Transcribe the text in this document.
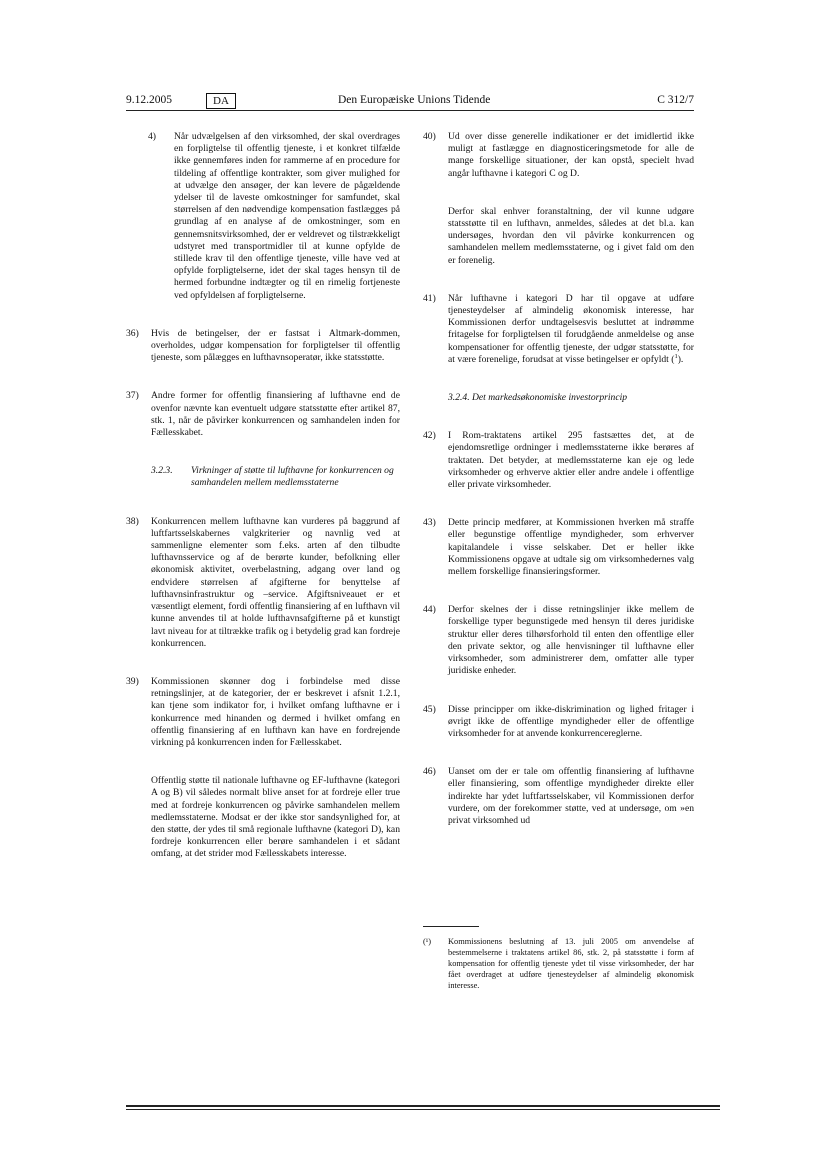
9.12.2005	DA	Den Europæiske Unions Tidende	C 312/7
4) Når udvælgelsen af den virksomhed, der skal overdrages en forpligtelse til offentlig tjeneste, i et konkret tilfælde ikke gennemføres inden for rammerne af en procedure for tildeling af offentlige kontrakter, som giver mulighed for at udvælge den ansøger, der kan levere de pågældende ydelser til de laveste omkostninger for samfundet, skal størrelsen af den nødvendige kompensation fastlægges på grundlag af en analyse af de omkostninger, som en gennemsnitsvirksomhed, der er veldrevet og tilstrækkeligt udstyret med transportmidler til at kunne opfylde de stillede krav til den offentlige tjeneste, ville have ved at opfylde forpligtelserne, idet der skal tages hensyn til de hermed forbundne indtægter og til en rimelig fortjeneste ved opfyldelsen af forpligtelserne.
36) Hvis de betingelser, der er fastsat i Altmark-dommen, overholdes, udgør kompensation for forpligtelser til offentlig tjeneste, som pålægges en lufthavnsoperatør, ikke statsstøtte.
37) Andre former for offentlig finansiering af lufthavne end de ovenfor nævnte kan eventuelt udgøre statsstøtte efter artikel 87, stk. 1, når de påvirker konkurrencen og samhandelen inden for Fællesskabet.
3.2.3.	Virkninger af støtte til lufthavne for konkurrencen og samhandelen mellem medlemsstaterne
38) Konkurrencen mellem lufthavne kan vurderes på baggrund af luftfartsselskabernes valgkriterier og navnlig ved at sammenligne elementer som f.eks. arten af den tilbudte lufthavnsservice og af de berørte kunder, befolkning eller økonomisk aktivitet, overbelastning, adgang over land og endvidere størrelsen af afgifterne for benyttelse af lufthavnsinfrastruktur og –service. Afgiftsniveauet er et væsentligt element, fordi offentlig finansiering af en lufthavn vil kunne anvendes til at holde lufthavnsafgifterne på et kunstigt lavt niveau for at tiltrække trafik og i betydelig grad kan fordreje konkurrencen.
39) Kommissionen skønner dog i forbindelse med disse retningslinjer, at de kategorier, der er beskrevet i afsnit 1.2.1, kan tjene som indikator for, i hvilket omfang lufthavne er i konkurrence med hinanden og dermed i hvilket omfang en offentlig finansiering af en lufthavn kan have en fordrejende virkning på konkurrencen inden for Fællesskabet.
Offentlig støtte til nationale lufthavne og EF-lufthavne (kategori A og B) vil således normalt blive anset for at fordreje eller true med at fordreje konkurrencen og påvirke samhandelen mellem medlemsstaterne. Modsat er der ikke stor sandsynlighed for, at den støtte, der ydes til små regionale lufthavne (kategori D), kan fordreje konkurrencen eller berøre samhandelen i et sådant omfang, at det strider mod Fællesskabets interesse.
40) Ud over disse generelle indikationer er det imidlertid ikke muligt at fastlægge en diagnosticeringsmetode for alle de mange forskellige situationer, der kan opstå, specielt hvad angår lufthavne i kategori C og D.
Derfor skal enhver foranstaltning, der vil kunne udgøre statsstøtte til en lufthavn, anmeldes, således at det bl.a. kan undersøges, hvordan den vil påvirke konkurrencen og samhandelen mellem medlemsstaterne, og i givet fald om den er forenelig.
41) Når lufthavne i kategori D har til opgave at udføre tjenesteydelser af almindelig økonomisk interesse, har Kommissionen derfor undtagelsesvis besluttet at indrømme fritagelse for forpligtelsen til forudgående anmeldelse og anse kompensationer for offentlig tjeneste, der udgør statsstøtte, for at være forenelige, forudsat at visse betingelser er opfyldt ($^1$).
3.2.4. Det markedsøkonomiske investorprincip
42) I Rom-traktatens artikel 295 fastsættes det, at de ejendomsretlige ordninger i medlemsstaterne ikke berøres af traktaten. Det betyder, at medlemsstaterne kan eje og lede virksomheder og erhverve aktier eller andre andele i offentlige eller private virksomheder.
43) Dette princip medfører, at Kommissionen hverken må straffe eller begunstige offentlige myndigheder, som erhverver kapitalandele i visse selskaber. Det er heller ikke Kommissionens opgave at udtale sig om virksomhedernes valg mellem forskellige finansieringsformer.
44) Derfor skelnes der i disse retningslinjer ikke mellem de forskellige typer begunstigede med hensyn til deres juridiske struktur eller deres tilhørsforhold til enten den offentlige eller den private sektor, og alle henvisninger til lufthavne eller virksomheder, som administrerer dem, omfatter alle typer juridiske enheder.
45) Disse principper om ikke-diskrimination og lighed fritager i øvrigt ikke de offentlige myndigheder eller de offentlige virksomheder for at anvende konkurrencereglerne.
46) Uanset om der er tale om offentlig finansiering af lufthavne eller finansiering, som offentlige myndigheder direkte eller indirekte har ydet luftfartsselskaber, vil Kommissionen derfor vurdere, om der forekommer støtte, ved at undersøge, om »en privat virksomhed ud
(¹)	Kommissionens beslutning af 13. juli 2005 om anvendelse af bestemmelserne i traktatens artikel 86, stk. 2, på statsstøtte i form af kompensation for offentlig tjeneste ydet til visse virksomheder, der har fået overdraget at udføre tjenesteydelser af almindelig økonomisk interesse.
